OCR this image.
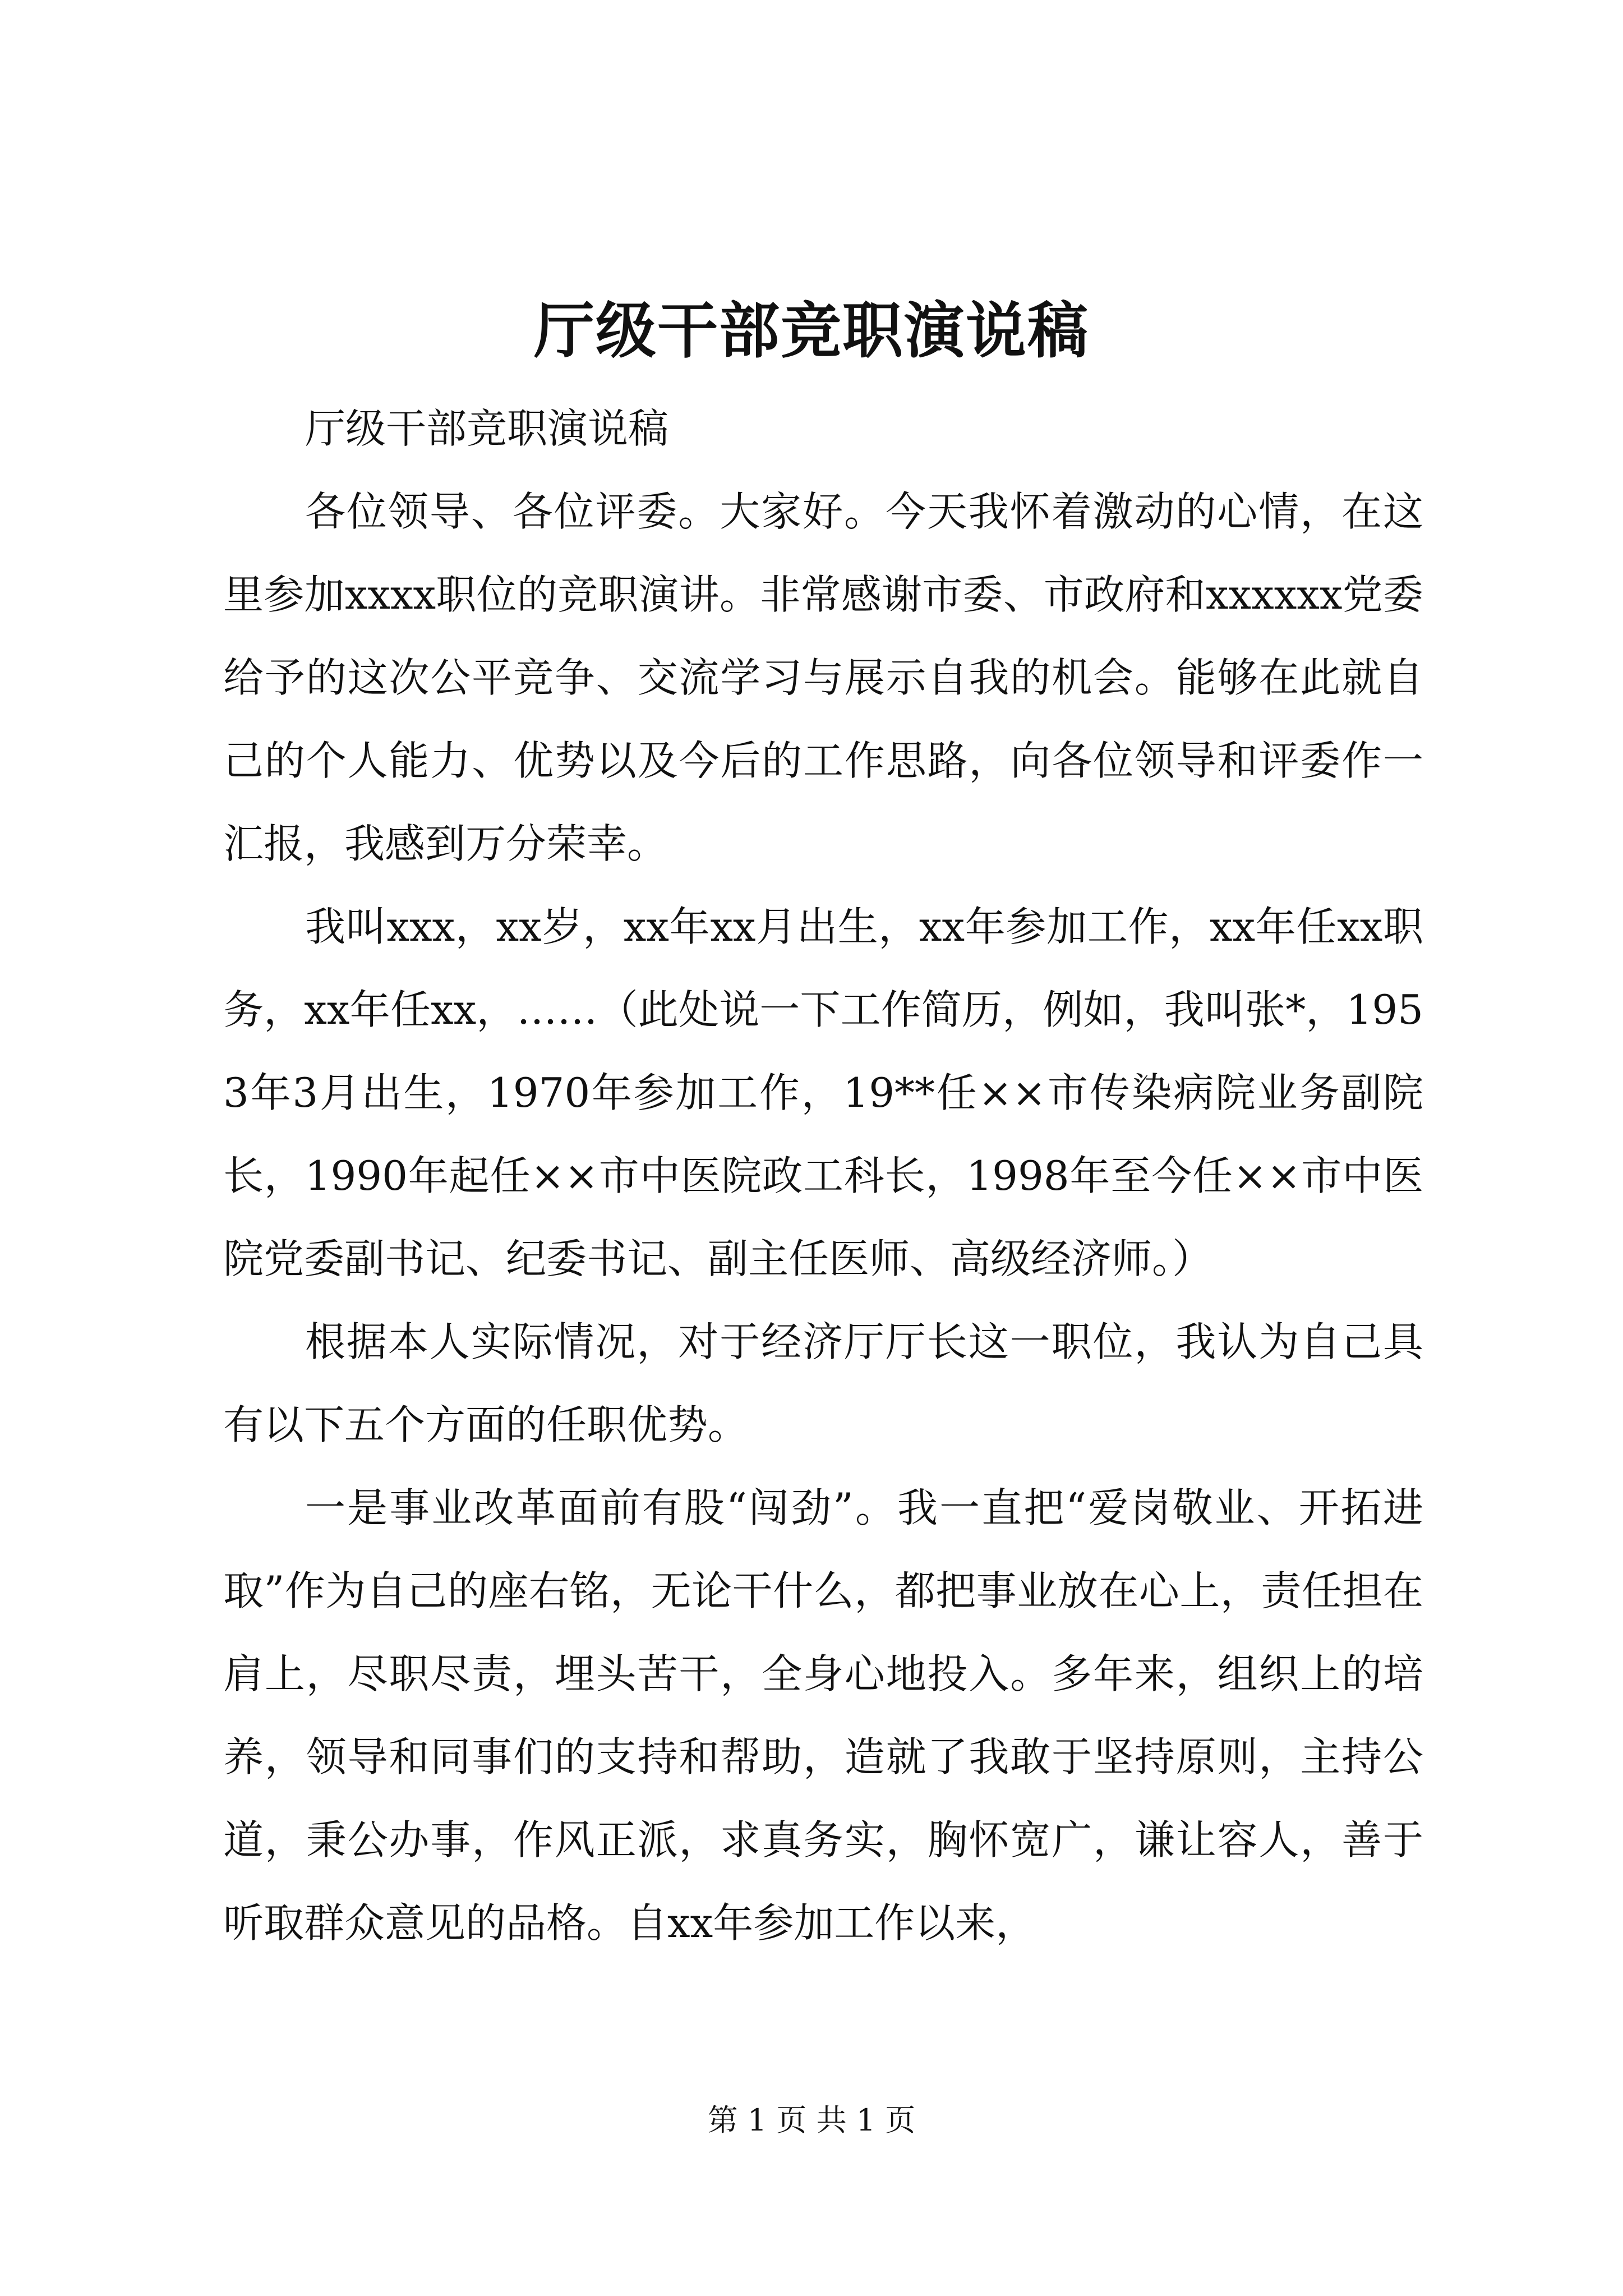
厅级干部竞职演说稿

厅级干部竞职演说稿

各位领导、各位评委。大家好。今天我怀着激动的心情，在这里参加xxxx职位的竞职演讲。非常感谢市委、市政府和xxxxxx党委给予的这次公平竞争、交流学习与展示自我的机会。能够在此就自己的个人能力、优势以及今后的工作思路，向各位领导和评委作一汇报，我感到万分荣幸。

我叫xxx，xx岁，xx年xx月出生，xx年参加工作，xx年任xx职务，xx年任xx，……（此处说一下工作简历，例如，我叫张*，1953年3月出生，1970年参加工作，19**任××市传染病院业务副院长，1990年起任××市中医院政工科长，1998年至今任××市中医院党委副书记、纪委书记、副主任医师、高级经济师。）

根据本人实际情况，对于经济厅厅长这一职位，我认为自己具有以下五个方面的任职优势。

一是事业改革面前有股“闯劲”。我一直把“爱岗敬业、开拓进取”作为自己的座右铭，无论干什么，都把事业放在心上，责任担在肩上，尽职尽责，埋头苦干，全身心地投入。多年来，组织上的培养，领导和同事们的支持和帮助，造就了我敢于坚持原则，主持公道，秉公办事，作风正派，求真务实，胸怀宽广，谦让容人，善于听取群众意见的品格。自xx年参加工作以来，

第 1 页 共 1 页
